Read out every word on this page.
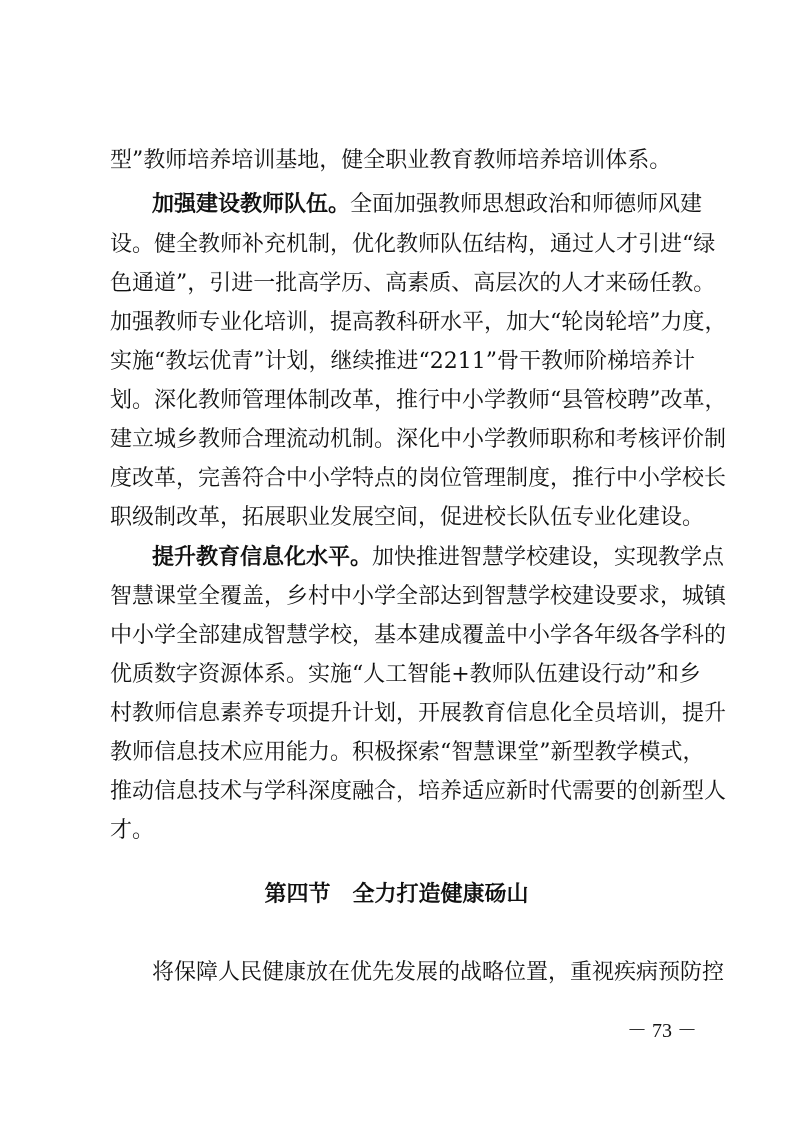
型”教师培养培训基地，健全职业教育教师培养培训体系。
加强建设教师队伍。全面加强教师思想政治和师德师风建
设。健全教师补充机制，优化教师队伍结构，通过人才引进“绿
色通道”，引进一批高学历、高素质、高层次的人才来砀任教。
加强教师专业化培训，提高教科研水平，加大“轮岗轮培”力度，
实施“教坛优青”计划，继续推进“2211”骨干教师阶梯培养计
划。深化教师管理体制改革，推行中小学教师“县管校聘”改革，
建立城乡教师合理流动机制。深化中小学教师职称和考核评价制
度改革，完善符合中小学特点的岗位管理制度，推行中小学校长
职级制改革，拓展职业发展空间，促进校长队伍专业化建设。
提升教育信息化水平。加快推进智慧学校建设，实现教学点
智慧课堂全覆盖，乡村中小学全部达到智慧学校建设要求，城镇
中小学全部建成智慧学校，基本建成覆盖中小学各年级各学科的
优质数字资源体系。实施“人工智能+教师队伍建设行动”和乡
村教师信息素养专项提升计划，开展教育信息化全员培训，提升
教师信息技术应用能力。积极探索“智慧课堂”新型教学模式，
推动信息技术与学科深度融合，培养适应新时代需要的创新型人
才。
第四节　全力打造健康砀山
将保障人民健康放在优先发展的战略位置，重视疾病预防控
－ 73 －
